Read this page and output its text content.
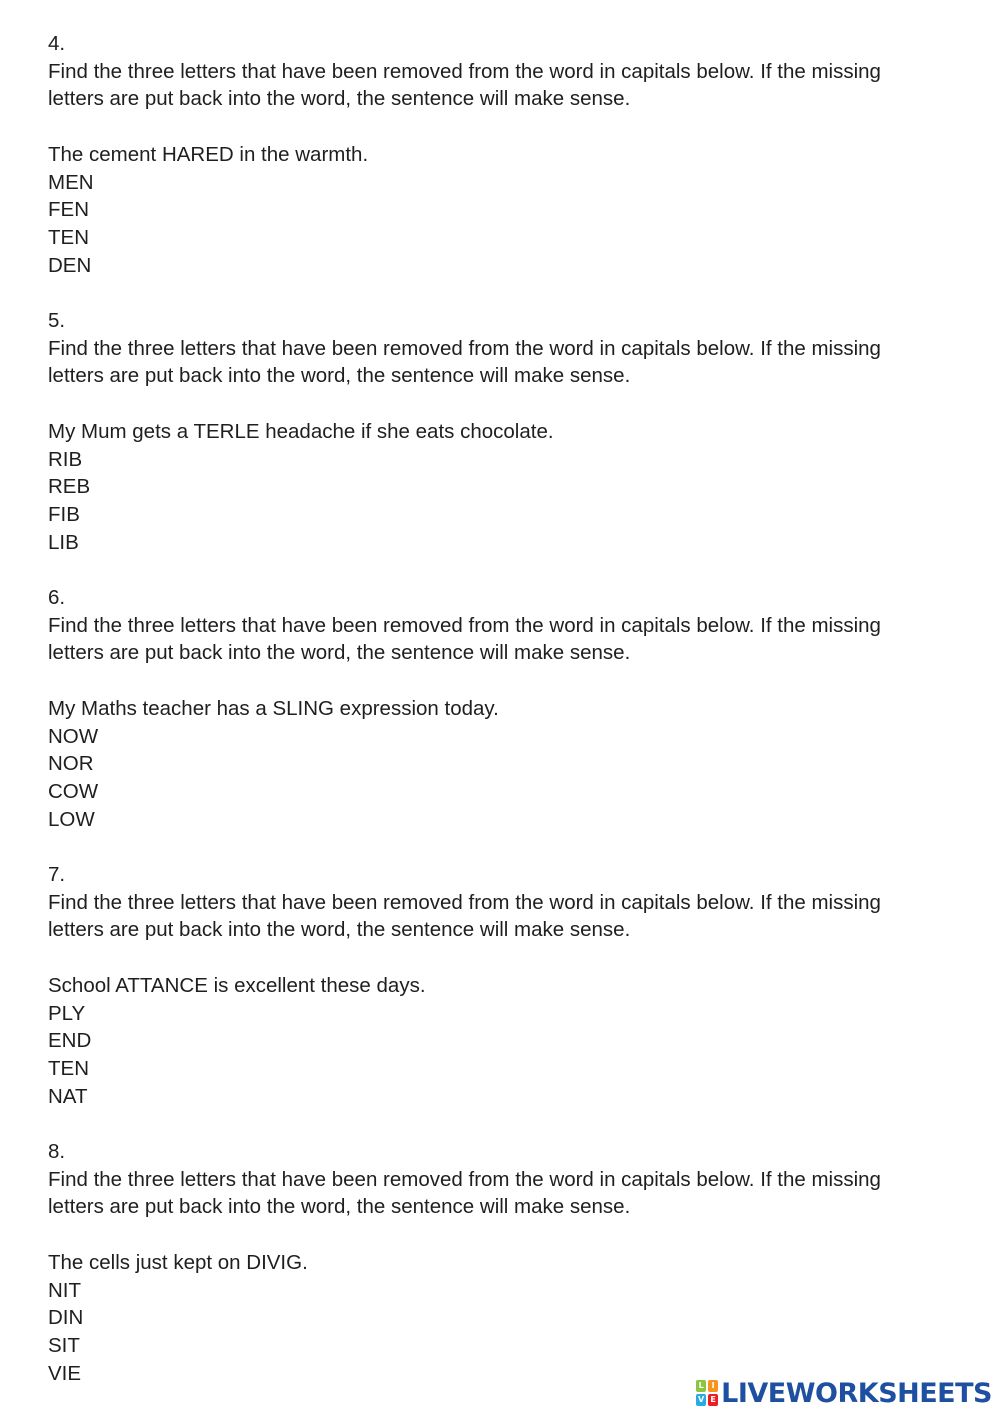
4.
Find the three letters that have been removed from the word in capitals below. If the missing
letters are put back into the word, the sentence will make sense.
The cement HARED in the warmth.
MEN
FEN
TEN
DEN
5.
Find the three letters that have been removed from the word in capitals below. If the missing
letters are put back into the word, the sentence will make sense.
My Mum gets a TERLE headache if she eats chocolate.
RIB
REB
FIB
LIB
6.
Find the three letters that have been removed from the word in capitals below. If the missing
letters are put back into the word, the sentence will make sense.
My Maths teacher has a SLING expression today.
NOW
NOR
COW
LOW
7.
Find the three letters that have been removed from the word in capitals below. If the missing
letters are put back into the word, the sentence will make sense.
School ATTANCE is excellent these days.
PLY
END
TEN
NAT
8.
Find the three letters that have been removed from the word in capitals below. If the missing
letters are put back into the word, the sentence will make sense.
The cells just kept on DIVIG.
NIT
DIN
SIT
VIE
L I
V E LIVEWORKSHEETS
